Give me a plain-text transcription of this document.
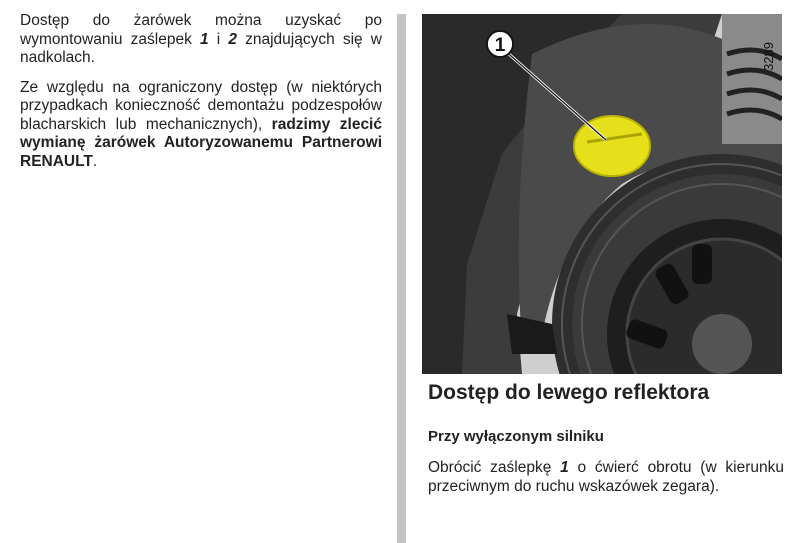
Dostęp do żarówek można uzyskać po wymontowaniu zaślepek 1 i 2 znajdujących się w nadkolach.

Ze względu na ograniczony dostęp (w niektórych przypadkach konieczność demontażu podzespołów blacharskich lub mechanicznych), radzimy zlecić wymianę żarówek Autoryzowanemu Partnerowi RENAULT.

1	3289
Dostęp do lewego reflektora
Przy wyłączonym silniku

Obrócić zaślepkę 1 o ćwierć obrotu (w kierunku przeciwnym do ruchu wskazówek zegara).
